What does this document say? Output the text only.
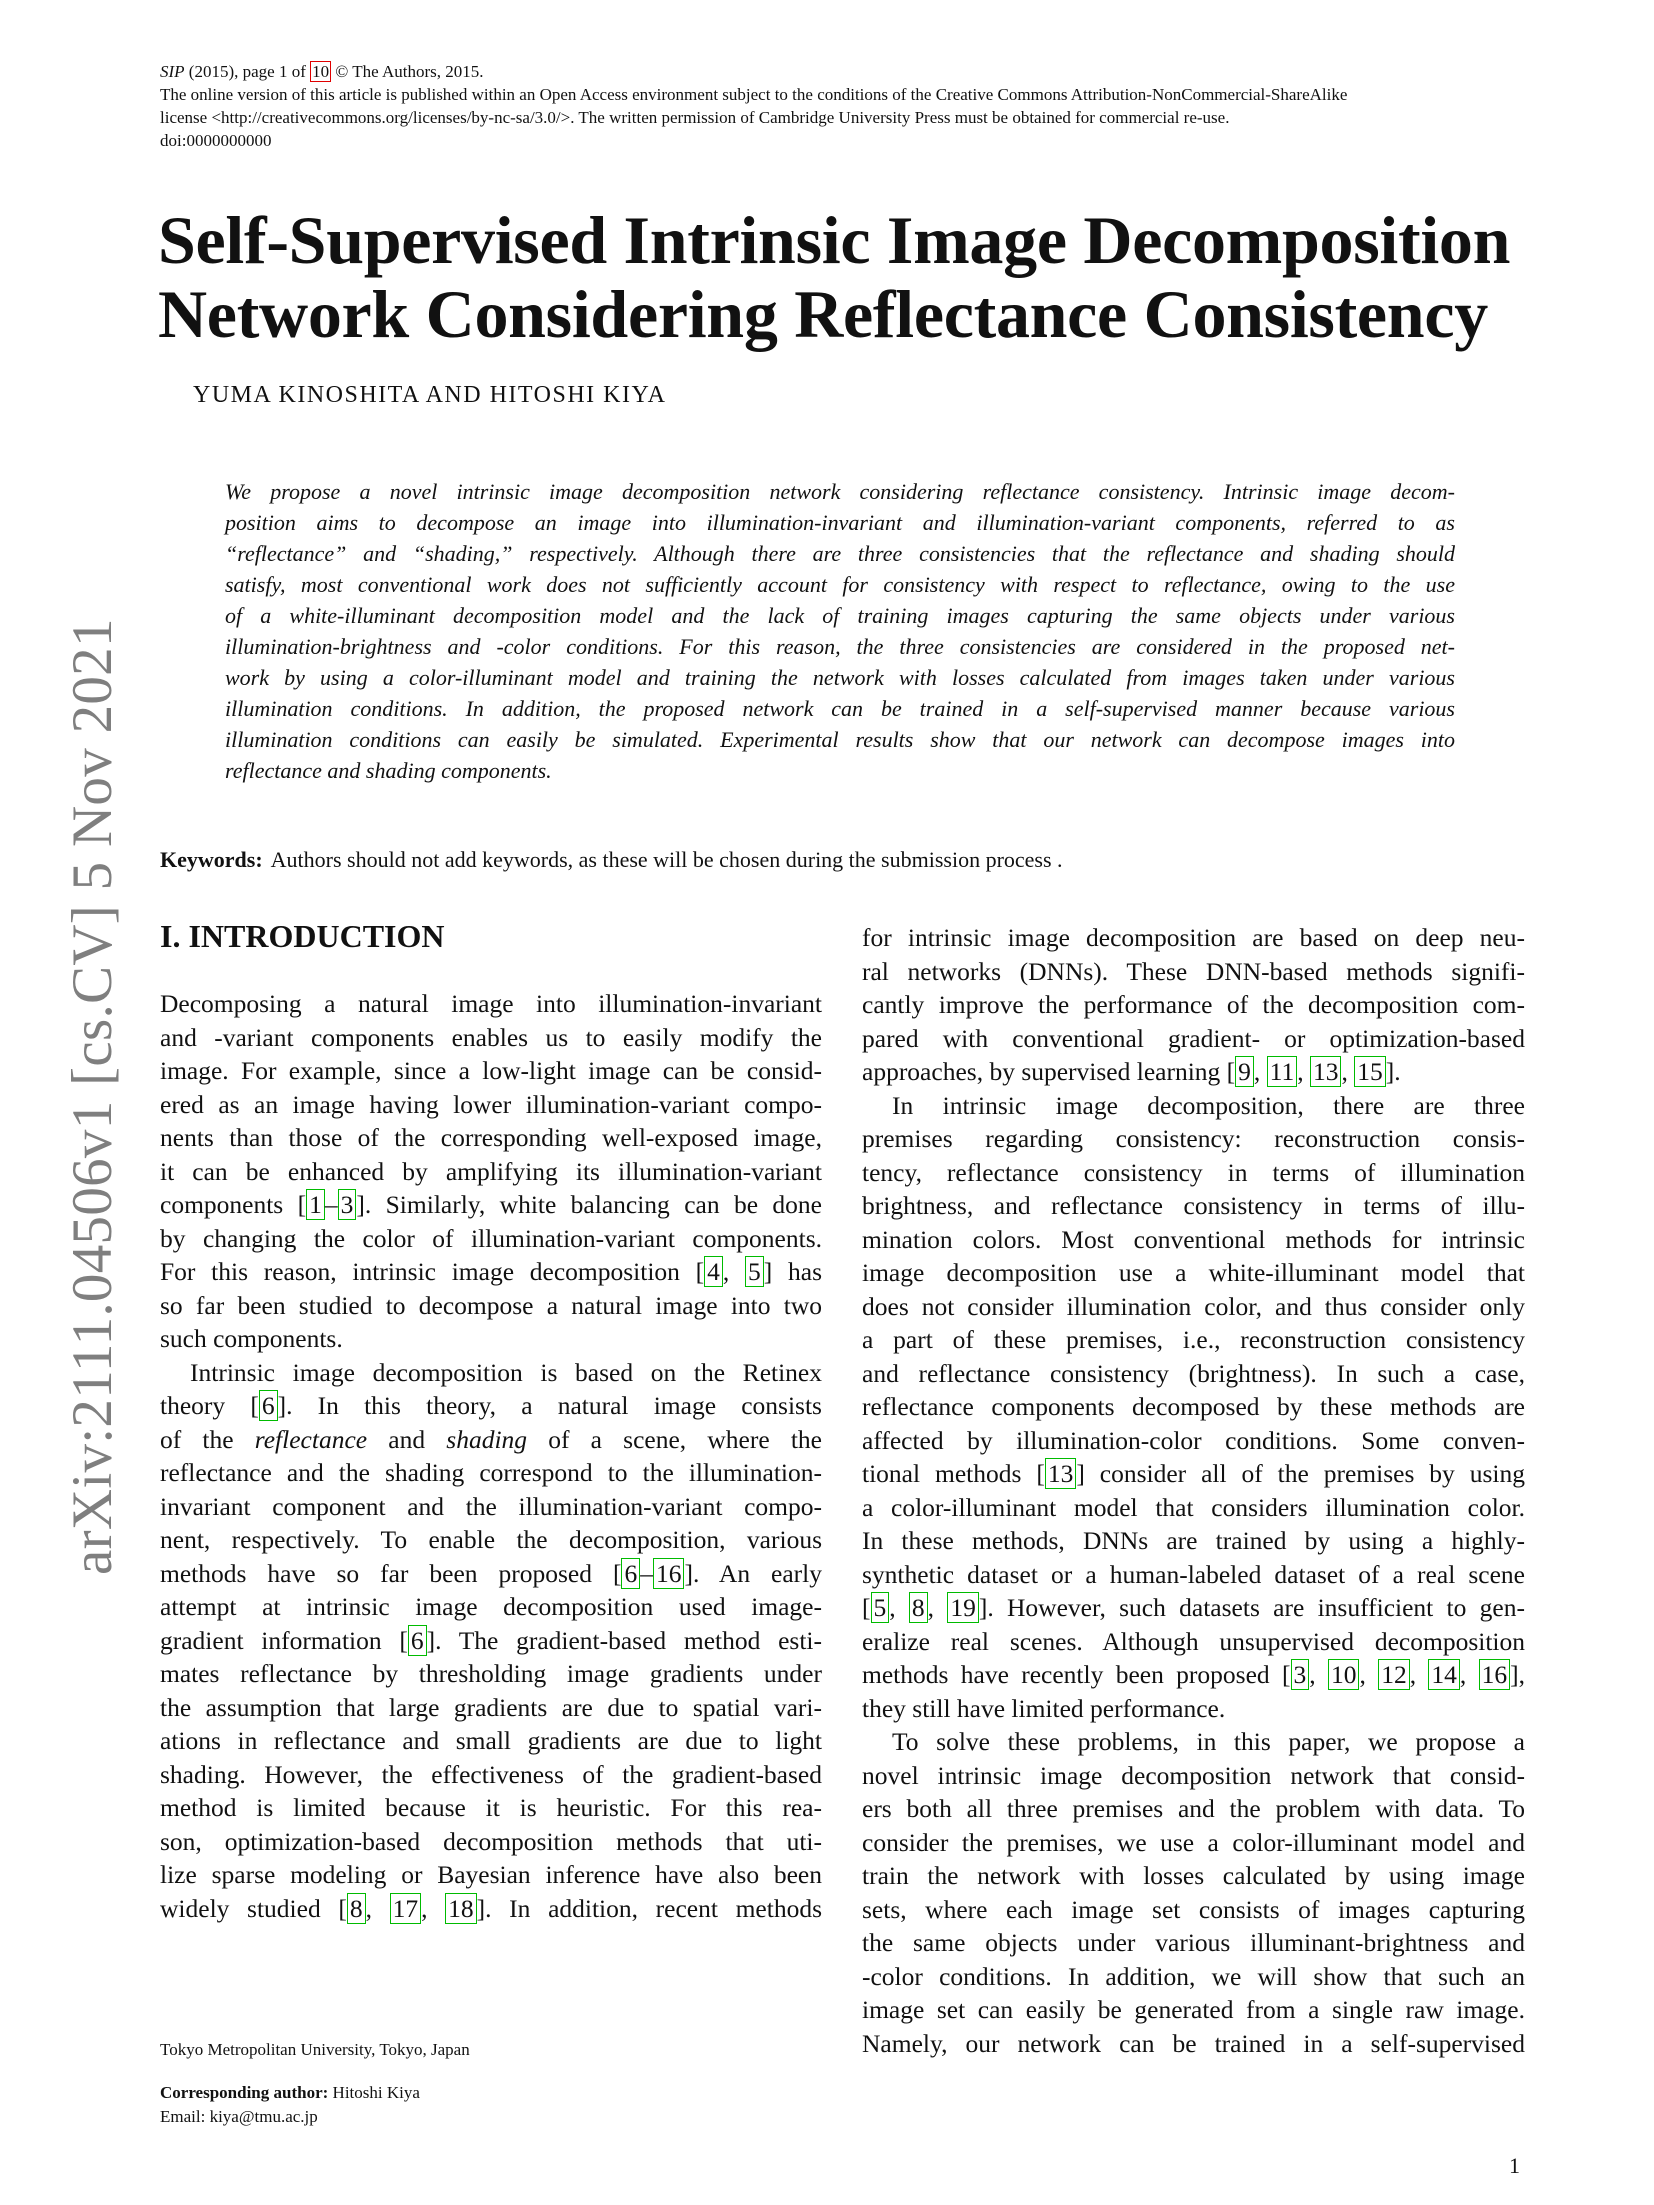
SIP (2015), page 1 of 10 © The Authors, 2015.
The online version of this article is published within an Open Access environment subject to the conditions of the Creative Commons Attribution-NonCommercial-ShareAlike
license <http://creativecommons.org/licenses/by-nc-sa/3.0/>. The written permission of Cambridge University Press must be obtained for commercial re-use.
doi:0000000000
arXiv:2111.04506v1 [cs.CV] 5 Nov 2021
Self-Supervised Intrinsic Image Decomposition
Network Considering Reflectance Consistency
YUMA KINOSHITA AND HITOSHI KIYA
We propose a novel intrinsic image decomposition network considering reflectance consistency. Intrinsic image decom-
position aims to decompose an image into illumination-invariant and illumination-variant components, referred to as
“reflectance” and “shading,” respectively. Although there are three consistencies that the reflectance and shading should
satisfy, most conventional work does not sufficiently account for consistency with respect to reflectance, owing to the use
of a white-illuminant decomposition model and the lack of training images capturing the same objects under various
illumination-brightness and -color conditions. For this reason, the three consistencies are considered in the proposed net-
work by using a color-illuminant model and training the network with losses calculated from images taken under various
illumination conditions. In addition, the proposed network can be trained in a self-supervised manner because various
illumination conditions can easily be simulated. Experimental results show that our network can decompose images into
reflectance and shading components.
Keywords: Authors should not add keywords, as these will be chosen during the submission process .
I. INTRODUCTION
Decomposing a natural image into illumination-invariant
and -variant components enables us to easily modify the
image. For example, since a low-light image can be consid-
ered as an image having lower illumination-variant compo-
nents than those of the corresponding well-exposed image,
it can be enhanced by amplifying its illumination-variant
components [ 1 – 3 ]. Similarly, white balancing can be done
by changing the color of illumination-variant components.
For this reason, intrinsic image decomposition [ 4 , 5 ] has
so far been studied to decompose a natural image into two
such components.
Intrinsic image decomposition is based on the Retinex
theory [ 6 ]. In this theory, a natural image consists
of the reflectance and shading of a scene, where the
reflectance and the shading correspond to the illumination-
invariant component and the illumination-variant compo-
nent, respectively. To enable the decomposition, various
methods have so far been proposed [ 6 – 16 ]. An early
attempt at intrinsic image decomposition used image-
gradient information [ 6 ]. The gradient-based method esti-
mates reflectance by thresholding image gradients under
the assumption that large gradients are due to spatial vari-
ations in reflectance and small gradients are due to light
shading. However, the effectiveness of the gradient-based
method is limited because it is heuristic. For this rea-
son, optimization-based decomposition methods that uti-
lize sparse modeling or Bayesian inference have also been
widely studied [ 8 , 17 , 18 ]. In addition, recent methods
for intrinsic image decomposition are based on deep neu-
ral networks (DNNs). These DNN-based methods signifi-
cantly improve the performance of the decomposition com-
pared with conventional gradient- or optimization-based
approaches, by supervised learning [ 9 , 11 , 13 , 15 ].
In intrinsic image decomposition, there are three
premises regarding consistency: reconstruction consis-
tency, reflectance consistency in terms of illumination
brightness, and reflectance consistency in terms of illu-
mination colors. Most conventional methods for intrinsic
image decomposition use a white-illuminant model that
does not consider illumination color, and thus consider only
a part of these premises, i.e., reconstruction consistency
and reflectance consistency (brightness). In such a case,
reflectance components decomposed by these methods are
affected by illumination-color conditions. Some conven-
tional methods [ 13 ] consider all of the premises by using
a color-illuminant model that considers illumination color.
In these methods, DNNs are trained by using a highly-
synthetic dataset or a human-labeled dataset of a real scene
[ 5 , 8 , 19 ]. However, such datasets are insufficient to gen-
eralize real scenes. Although unsupervised decomposition
methods have recently been proposed [ 3 , 10 , 12 , 14 , 16 ],
they still have limited performance.
To solve these problems, in this paper, we propose a
novel intrinsic image decomposition network that consid-
ers both all three premises and the problem with data. To
consider the premises, we use a color-illuminant model and
train the network with losses calculated by using image
sets, where each image set consists of images capturing
the same objects under various illuminant-brightness and
-color conditions. In addition, we will show that such an
image set can easily be generated from a single raw image.
Namely, our network can be trained in a self-supervised
Tokyo Metropolitan University, Tokyo, Japan
Corresponding author: Hitoshi Kiya
Email: kiya@tmu.ac.jp
1
